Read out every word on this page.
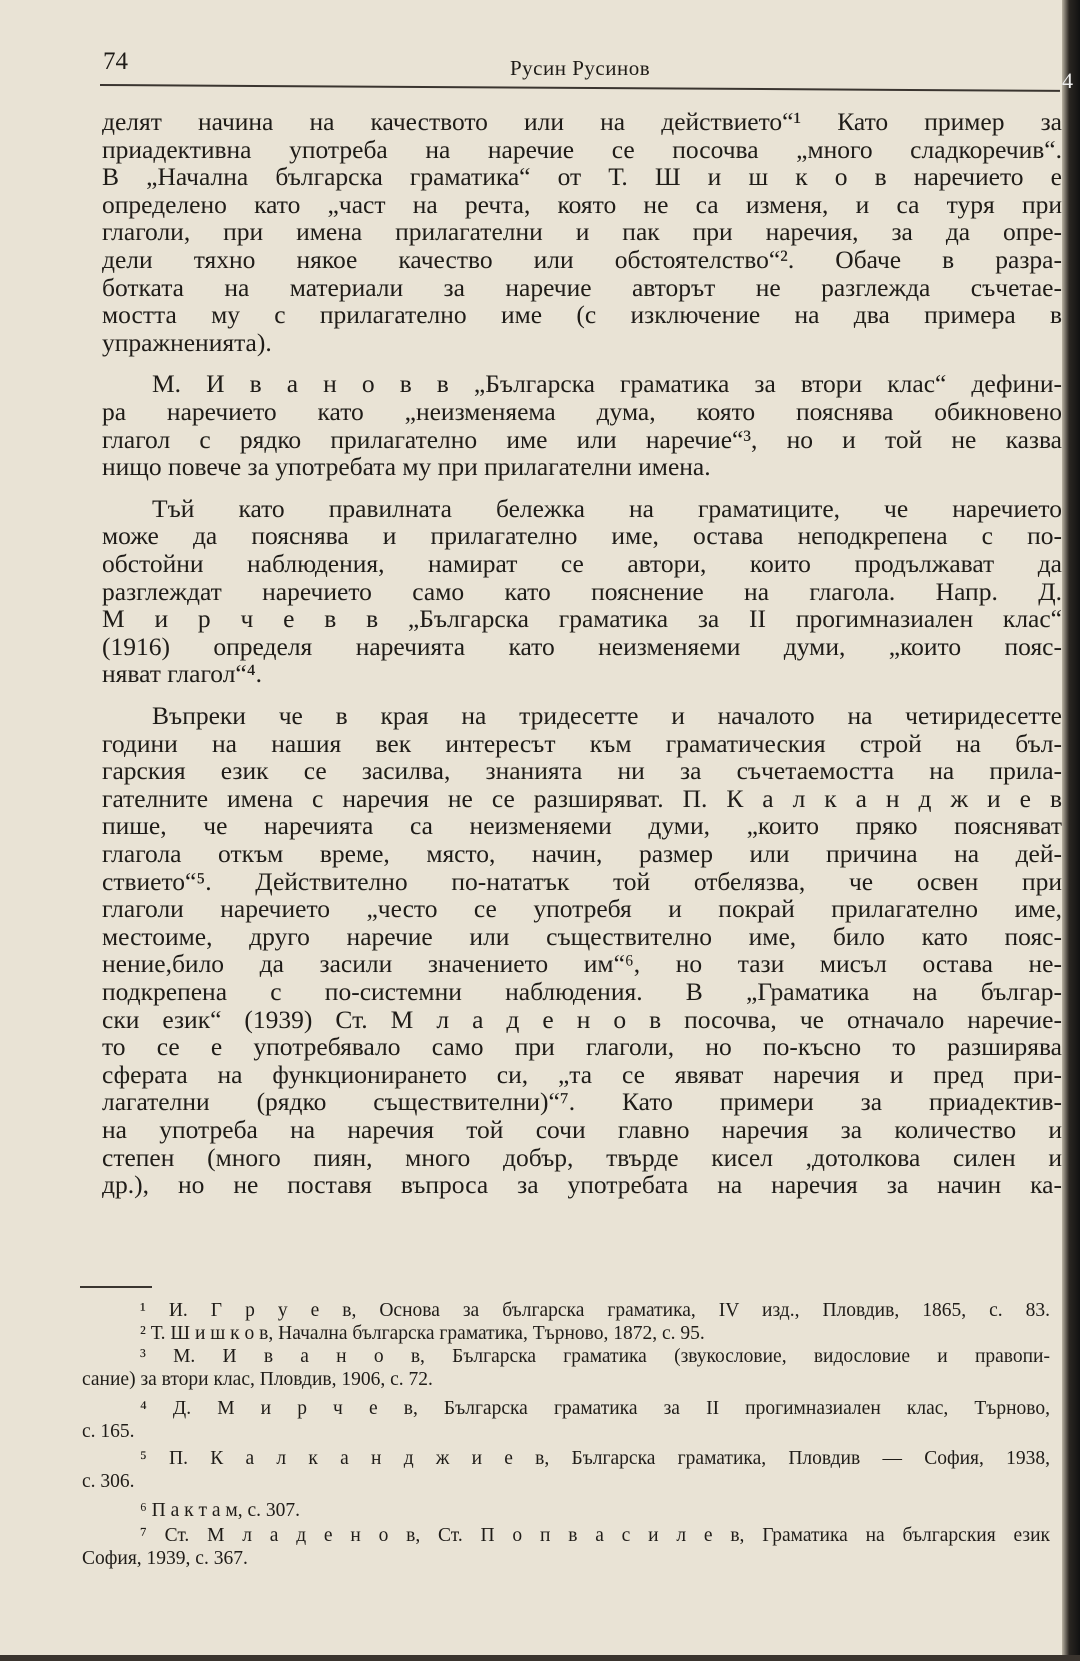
74	Русин Русинов	4
делят начина на качеството или на действието“¹ Като пример за
приадективна употреба на наречие се посочва „много сладкоречив“.
В „Начална българска граматика“ от Т. Ш и ш к о в наречието е
определено като „част на речта, която не са изменя, и са туря при
глаголи, при имена прилагателни и пак при наречия, за да опре-
дели тяхно някое качество или обстоятелство“². Обаче в разра-
ботката на материали за наречие авторът не разглежда съчетае-
мостта му с прилагателно име (с изключение на два примера в
упражненията).
М. И в а н о в в „Българска граматика за втори клас“ дефини-
ра наречието като „неизменяема дума, която пояснява обикновено
глагол с рядко прилагателно име или наречие“³, но и той не казва
нищо повече за употребата му при прилагателни имена.
Тъй като правилната бележка на граматиците, че наречието
може да пояснява и прилагателно име, остава неподкрепена с по-
обстойни наблюдения, намират се автори, които продължават да
разглеждат наречието само като пояснение на глагола. Напр. Д.
М и р ч е в в „Българска граматика за II прогимназиален клас“
(1916) определя наречията като неизменяеми думи, „които пояс-
няват глагол“⁴.
Въпреки че в края на тридесетте и началото на четиридесетте
години на нашия век интересът към граматическия строй на бъл-
гарския език се засилва, знанията ни за съчетаемостта на прила-
гателните имена с наречия не се разширяват. П. К а л к а н д ж и е в
пише, че наречията са неизменяеми думи, „които пряко поясняват
глагола откъм време, място, начин, размер или причина на дей-
ствието“⁵. Действително по-нататък той отбелязва, че освен при
глаголи наречието „често се употребя и покрай прилагателно име,
местоиме, друго наречие или съществително име, било като пояс-
нение,било да засили значението им“⁶, но тази мисъл остава не-
подкрепена с по-системни наблюдения. В „Граматика на българ-
ски език“ (1939) Ст. М л а д е н о в посочва, че отначало наречие-
то се е употребявало само при глаголи, но по-късно то разширява
сферата на функционирането си, „та се явяват наречия и пред при-
лагателни (рядко съществителни)“⁷. Като примери за приадектив-
на употреба на наречия той сочи главно наречия за количество и
степен (много пиян, много добър, твърде кисел ,дотолкова силен и
др.), но не поставя въпроса за употребата на наречия за начин ка-
¹ И. Г р у е в, Основа за българска граматика, IV изд., Пловдив, 1865, с. 83.
² Т. Ш и ш к о в, Начална българска граматика, Търново, 1872, с. 95.
³ М. И в а н о в, Българска граматика (звукословие, видословие и правопи-
сание) за втори клас, Пловдив, 1906, с. 72.
⁴ Д. М и р ч е в, Българска граматика за II прогимназиален клас, Търново,
с. 165.
⁵ П. К а л к а н д ж и е в, Българска граматика, Пловдив — София, 1938,
с. 306.
⁶ П а к т а м, с. 307.
⁷ Ст. М л а д е н о в, Ст. П о п в а с и л е в, Граматика на българския език
София, 1939, с. 367.
